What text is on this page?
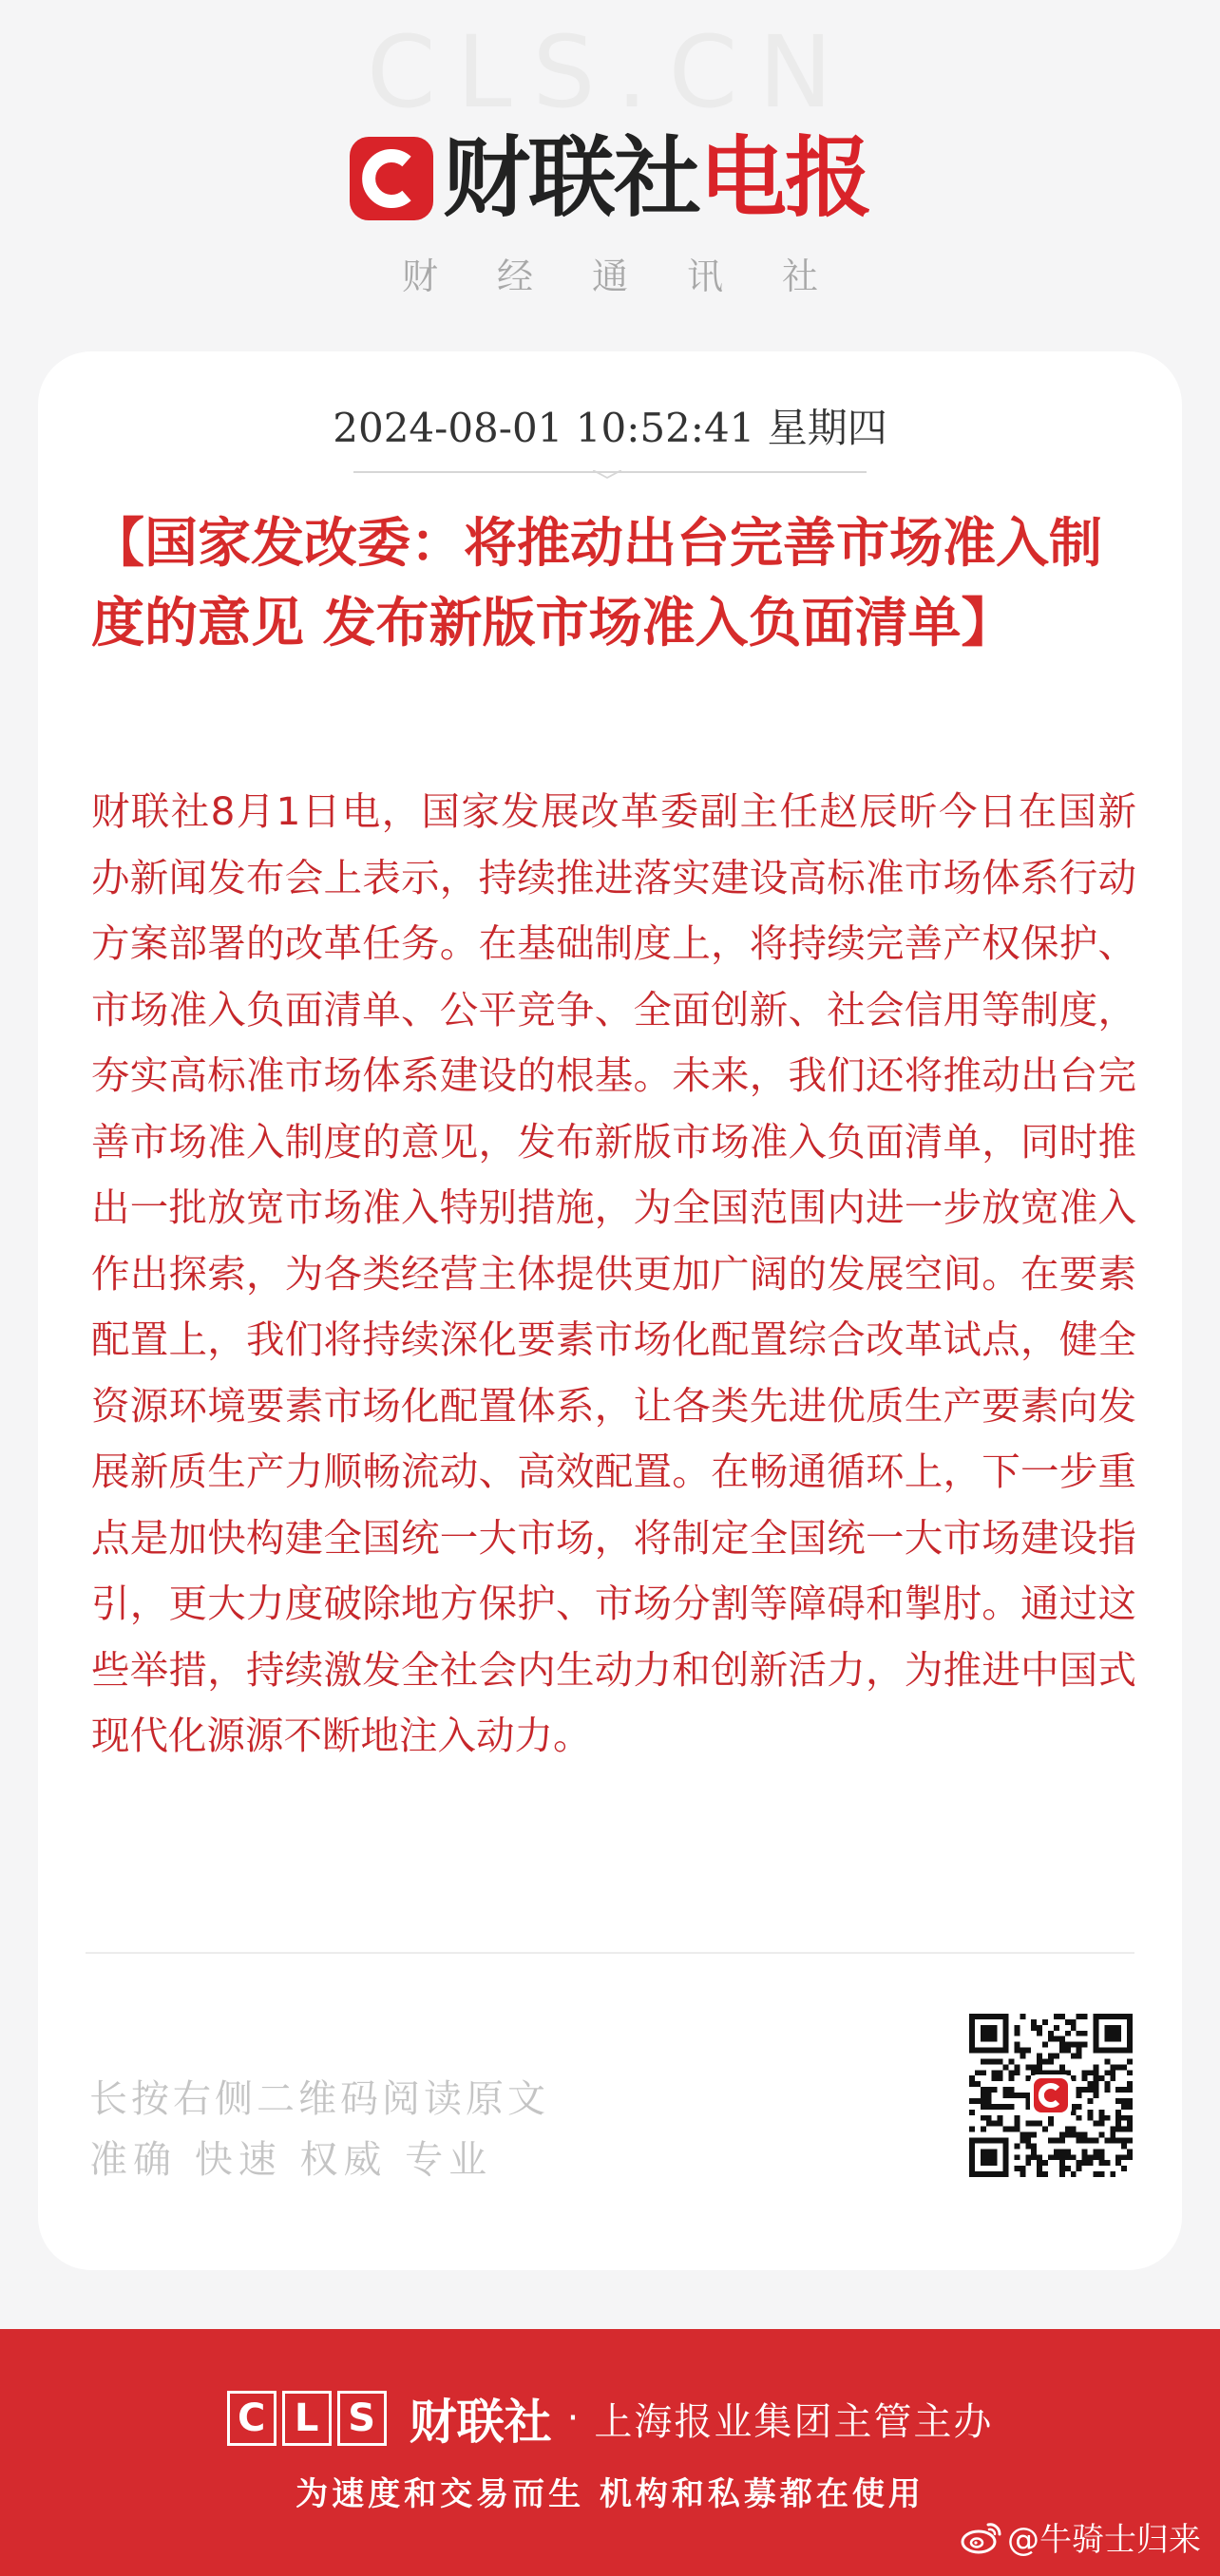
CLS.CN
财联社 电报
财经通讯社
2024-08-01 10:52:41 星期四
【国家发改委：将推动出台完善市场准入制度的意见 发布新版市场准入负面清单】

财联社8月1日电，国家发展改革委副主任赵辰昕今日在国新办新闻发布会上表示，持续推进落实建设高标准市场体系行动方案部署的改革任务。在基础制度上，将持续完善产权保护、市场准入负面清单、公平竞争、全面创新、社会信用等制度，夯实高标准市场体系建设的根基。未来，我们还将推动出台完善市场准入制度的意见，发布新版市场准入负面清单，同时推出一批放宽市场准入特别措施，为全国范围内进一步放宽准入作出探索，为各类经营主体提供更加广阔的发展空间。在要素配置上，我们将持续深化要素市场化配置综合改革试点，健全资源环境要素市场化配置体系，让各类先进优质生产要素向发展新质生产力顺畅流动、高效配置。在畅通循环上，下一步重点是加快构建全国统一大市场，将制定全国统一大市场建设指引，更大力度破除地方保护、市场分割等障碍和掣肘。通过这些举措，持续激发全社会内生动力和创新活力，为推进中国式现代化源源不断地注入动力。

长按右侧二维码阅读原文
准确 快速 权威 专业
C L S 财联社 · 上海报业集团主管主办
为速度和交易而生 机构和私募都在使用
@牛骑士归来
